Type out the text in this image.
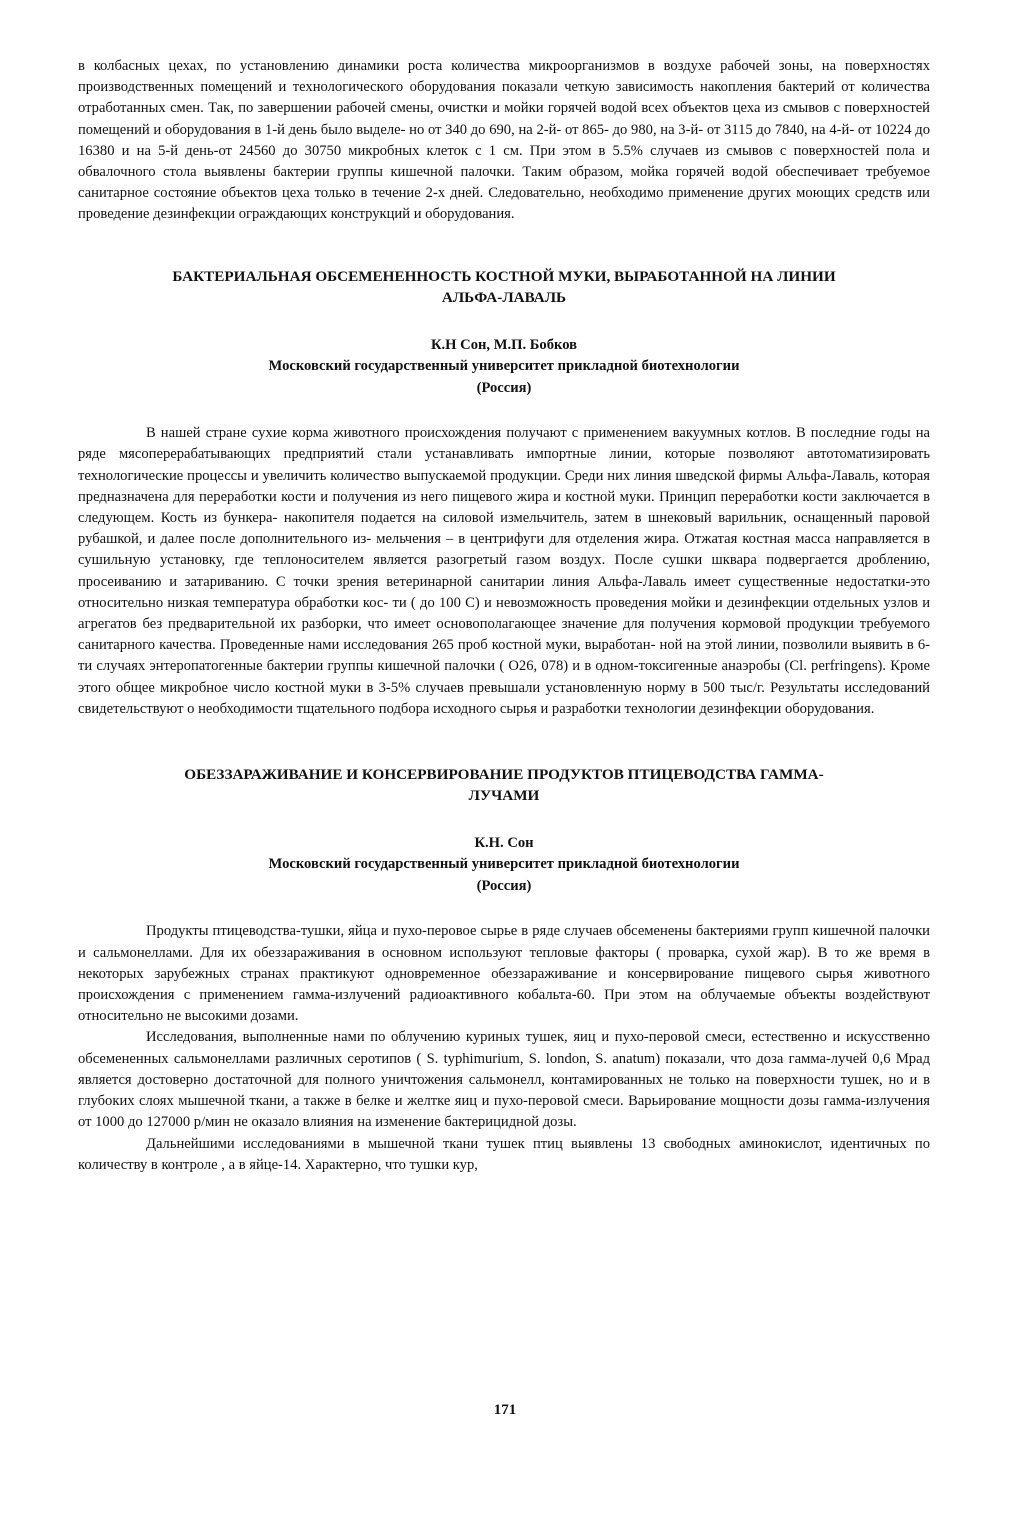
в колбасных цехах, по установлению динамики роста количества микроорганизмов в воздухе рабочей зоны, на поверхностях производственных помещений и технологического оборудования показали четкую зависимость накопления бактерий от количества отработанных смен. Так, по завершении рабочей смены, очистки и мойки горячей водой всех объектов цеха из смывов с поверхностей помещений и оборудования в 1-й день было выделе- но от 340 до 690, на 2-й- от 865- до 980, на 3-й- от 3115 до 7840, на 4-й- от 10224 до 16380 и на 5-й день-от 24560 до 30750 микробных клеток с 1 см. При этом в 5.5% случаев из смывов с поверхностей пола и обвалочного стола выявлены бактерии группы кишечной палочки. Таким образом, мойка горячей водой обеспечивает требуемое санитарное состояние объектов цеха только в течение 2-х дней. Следовательно, необходимо применение других моющих средств или проведение дезинфекции ограждающих конструкций и оборудования.

БАКТЕРИАЛЬНАЯ ОБСЕМЕНЕННОСТЬ КОСТНОЙ МУКИ, ВЫРАБОТАННОЙ НА ЛИНИИ
АЛЬФА-ЛАВАЛЬ
К.Н Сон, М.П. Бобков
Московский государственный университет прикладной биотехнологии
(Россия)

В нашей стране сухие корма животного происхождения получают с применением вакуумных котлов. В последние годы на ряде мясоперерабатывающих предприятий стали устанавливать импортные линии, которые позволяют автотоматизировать технологические процессы и увеличить количество выпускаемой продукции. Среди них линия шведской фирмы Альфа-Лаваль, которая предназначена для переработки кости и получения из него пищевого жира и костной муки. Принцип переработки кости заключается в следующем. Кость из бункера- накопителя подается на силовой измельчитель, затем в шнековый варильник, оснащенный паровой рубашкой, и далее после дополнительного из- мельчения – в центрифуги для отделения жира. Отжатая костная масса направляется в сушильную установку, где теплоносителем является разогретый газом воздух. После сушки шквара подвергается дроблению, просеиванию и затариванию. С точки зрения ветеринарной санитарии линия Альфа-Лаваль имеет существенные недостатки-это относительно низкая температура обработки кос- ти ( до 100 С) и невозможность проведения мойки и дезинфекции отдельных узлов и агрегатов без предварительной их разборки, что имеет основополагающее значение для получения кормовой продукции требуемого санитарного качества. Проведенные нами исследования 265 проб костной муки, выработан- ной на этой линии, позволили выявить в 6-ти случаях энтеропатогенные бактерии группы кишечной палочки ( О26, 078) и в одном-токсигенные анаэробы (Cl. perfringens). Кроме этого общее микробное число костной муки в 3-5% случаев превышали установленную норму в 500 тыс/г. Результаты исследований свидетельствуют о необходимости тщательного подбора исходного сырья и разработки технологии дезинфекции оборудования.

ОБЕЗЗАРАЖИВАНИЕ И КОНСЕРВИРОВАНИЕ ПРОДУКТОВ ПТИЦЕВОДСТВА ГАММА-
ЛУЧАМИ
К.Н. Сон
Московский государственный университет прикладной биотехнологии
(Россия)

Продукты птицеводства-тушки, яйца и пухо-перовое сырье в ряде случаев обсеменены бактериями групп кишечной палочки и сальмонеллами. Для их обеззараживания в основном используют тепловые факторы ( проварка, сухой жар). В то же время в некоторых зарубежных странах практикуют одновременное обеззараживание и консервирование пищевого сырья животного происхождения с применением гамма-излучений радиоактивного кобальта-60. При этом на облучаемые объекты воздействуют относительно не высокими дозами.

Исследования, выполненные нами по облучению куриных тушек, яиц и пухо-перовой смеси, естественно и искусственно обсемененных сальмонеллами различных серотипов ( S. typhimurium, S. london, S. anatum) показали, что доза гамма-лучей 0,6 Мрад является достоверно достаточной для полного уничтожения сальмонелл, контамированных не только на поверхности тушек, но и в глубоких слоях мышечной ткани, а также в белке и желтке яиц и пухо-перовой смеси. Варьирование мощности дозы гамма-излучения от 1000 до 127000 р/мин не оказало влияния на изменение бактерицидной дозы.

Дальнейшими исследованиями в мышечной ткани тушек птиц выявлены 13 свободных аминокислот, идентичных по количеству в контроле , а в яйце-14. Характерно, что тушки кур,

171
